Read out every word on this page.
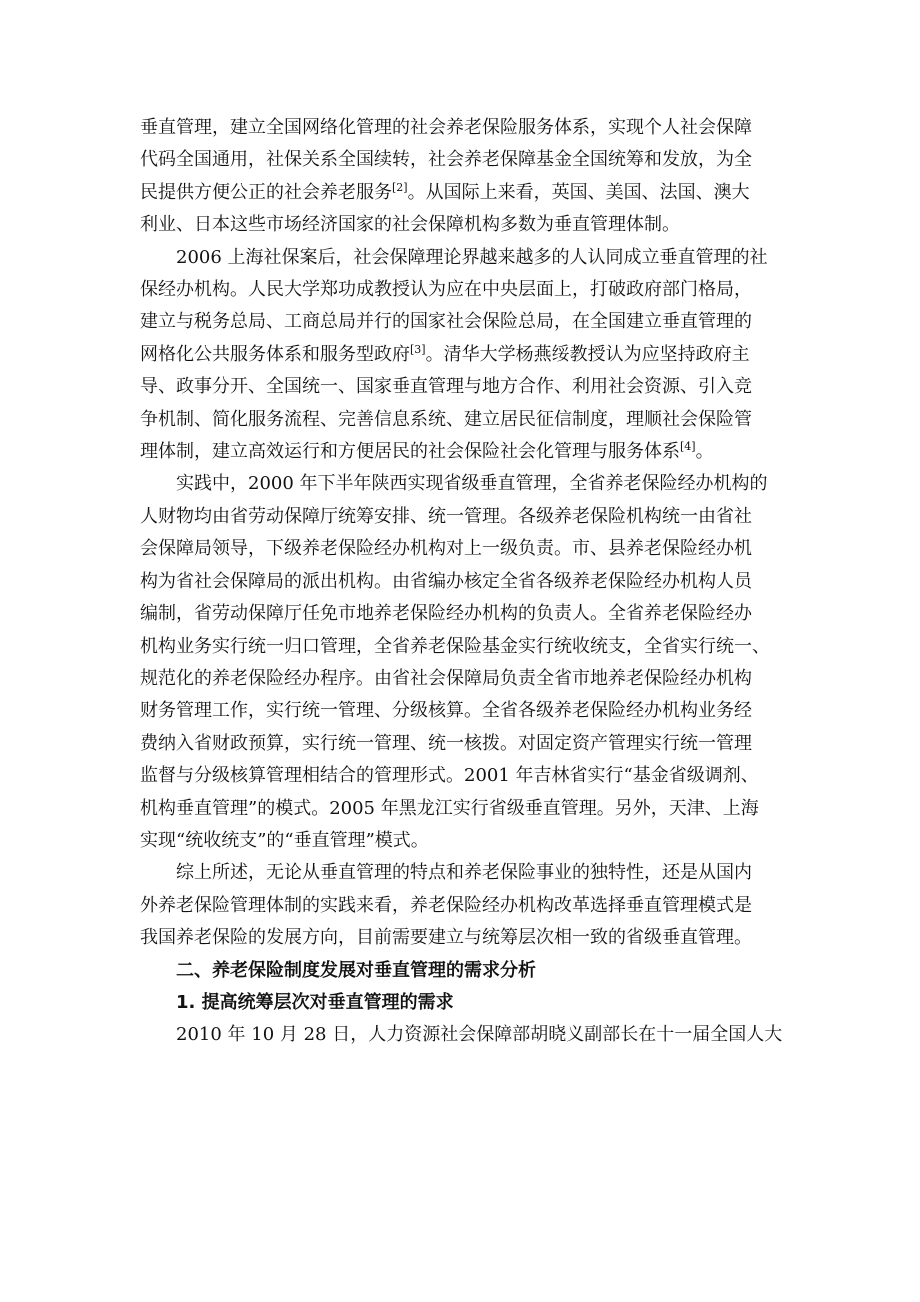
垂直管理，建立全国网络化管理的社会养老保险服务体系，实现个人社会保障
代码全国通用，社保关系全国续转，社会养老保障基金全国统筹和发放，为全
民提供方便公正的社会养老服务[2]。从国际上来看，英国、美国、法国、澳大
利业、日本这些市场经济国家的社会保障机构多数为垂直管理体制。
2006 上海社保案后，社会保障理论界越来越多的人认同成立垂直管理的社
保经办机构。人民大学郑功成教授认为应在中央层面上，打破政府部门格局，
建立与税务总局、工商总局并行的国家社会保险总局，在全国建立垂直管理的
网格化公共服务体系和服务型政府[3]。清华大学杨燕绥教授认为应坚持政府主
导、政事分开、全国统一、国家垂直管理与地方合作、利用社会资源、引入竞
争机制、简化服务流程、完善信息系统、建立居民征信制度，理顺社会保险管
理体制，建立高效运行和方便居民的社会保险社会化管理与服务体系[4]。
实践中，2000 年下半年陕西实现省级垂直管理，全省养老保险经办机构的
人财物均由省劳动保障厅统筹安排、统一管理。各级养老保险机构统一由省社
会保障局领导，下级养老保险经办机构对上一级负责。市、县养老保险经办机
构为省社会保障局的派出机构。由省编办核定全省各级养老保险经办机构人员
编制，省劳动保障厅任免市地养老保险经办机构的负责人。全省养老保险经办
机构业务实行统一归口管理，全省养老保险基金实行统收统支，全省实行统一、
规范化的养老保险经办程序。由省社会保障局负责全省市地养老保险经办机构
财务管理工作，实行统一管理、分级核算。全省各级养老保险经办机构业务经
费纳入省财政预算，实行统一管理、统一核拨。对固定资产管理实行统一管理
监督与分级核算管理相结合的管理形式。2001 年吉林省实行“基金省级调剂、
机构垂直管理”的模式。2005 年黑龙江实行省级垂直管理。另外，天津、上海
实现“统收统支”的“垂直管理”模式。
综上所述，无论从垂直管理的特点和养老保险事业的独特性，还是从国内
外养老保险管理体制的实践来看，养老保险经办机构改革选择垂直管理模式是
我国养老保险的发展方向，目前需要建立与统筹层次相一致的省级垂直管理。
二、养老保险制度发展对垂直管理的需求分析
1. 提高统筹层次对垂直管理的需求
2010 年 10 月 28 日，人力资源社会保障部胡晓义副部长在十一届全国人大
